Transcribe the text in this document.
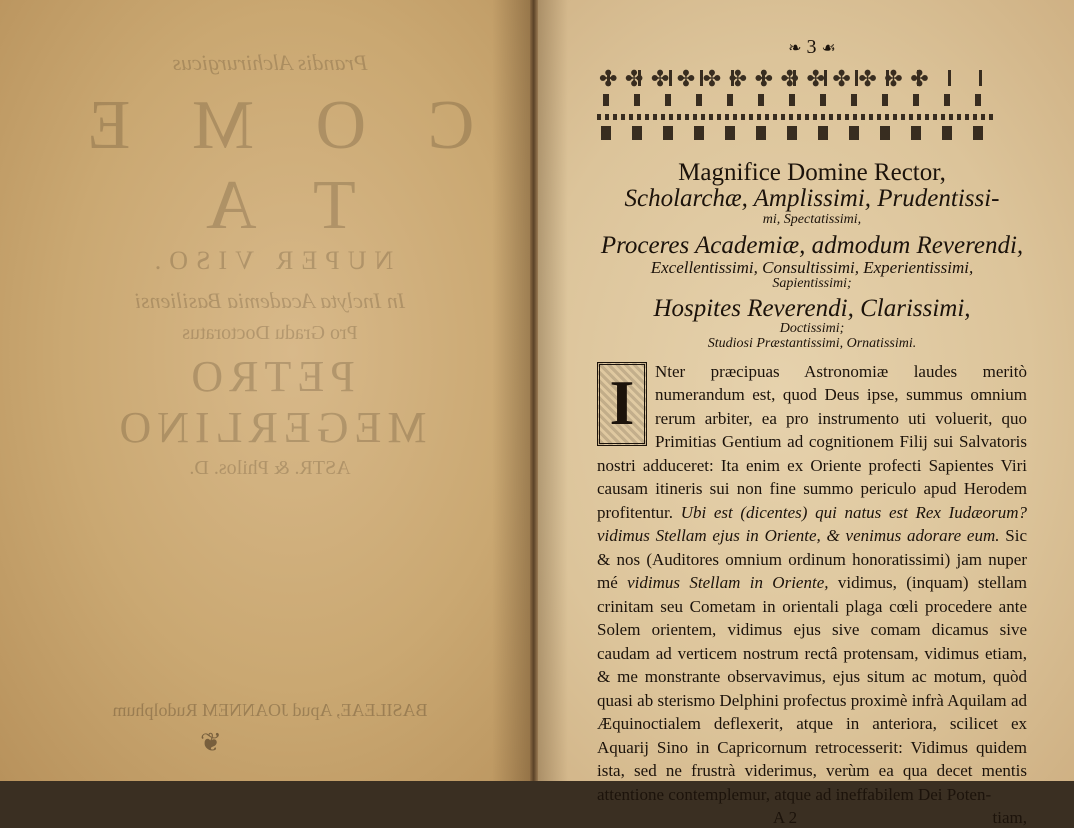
Prandis Alchirurgicus
C O M E T A
NUPER VISO.
In Inclyta Academia Basiliensi
Pro Gradu Doctoratus
PETRO MEGERLINO
ASTR. & Philos. D.
BASILEAE, Apud JOANNEM Rudolphum
❦
❧ 3 ☙
✤ ✤ ✤ ✤ ✤ ✤ ✤ ✤ ✤ ✤ ✤ ✤ ✤
Magnifice Domine Rector,
Scholarchæ, Amplissimi, Prudentissi-
mi, Spectatissimi,
Proceres Academiæ, admodum Reverendi,
Excellentissimi, Consultissimi, Experientissimi,
Sapientissimi;
Hospites Reverendi, Clarissimi,
Doctissimi;
Studiosi Præstantissimi, Ornatissimi.
I	Nter præcipuas Astronomiæ laudes meritò numerandum est, quod Deus ipse, summus omnium rerum arbiter, ea pro instrumento uti voluerit, quo Primitias Gentium ad cognitionem Filij sui Salvatoris nostri adduceret: Ita enim ex Oriente profecti Sapientes Viri causam itineris sui non fine summo periculo apud Herodem profitentur. Ubi est (dicentes) qui natus est Rex Iudæorum? vidimus Stellam ejus in Oriente, & venimus adorare eum. Sic & nos (Auditores omnium ordinum honoratissimi) jam nuper mé vidimus Stellam in Oriente, vidimus, (inquam) stellam crinitam seu Cometam in orientali plaga cœli procedere ante Solem orientem, vidimus ejus sive comam dicamus sive caudam ad verticem nostrum rectâ protensam, vidimus etiam, & me monstrante observavimus, ejus situm ac motum, quòd quasi ab sterismo Delphini profectus proximè infrà Aquilam ad Æquinoctialem deflexerit, atque in anteriora, scilicet ex Aquarij Sino in Capricornum retrocesserit: Vidimus quidem ista, sed ne frustrà viderimus, verùm ea qua decet mentis attentione contemplemur, atque ad ineffabilem Dei Poten-
A 2	tiam,
